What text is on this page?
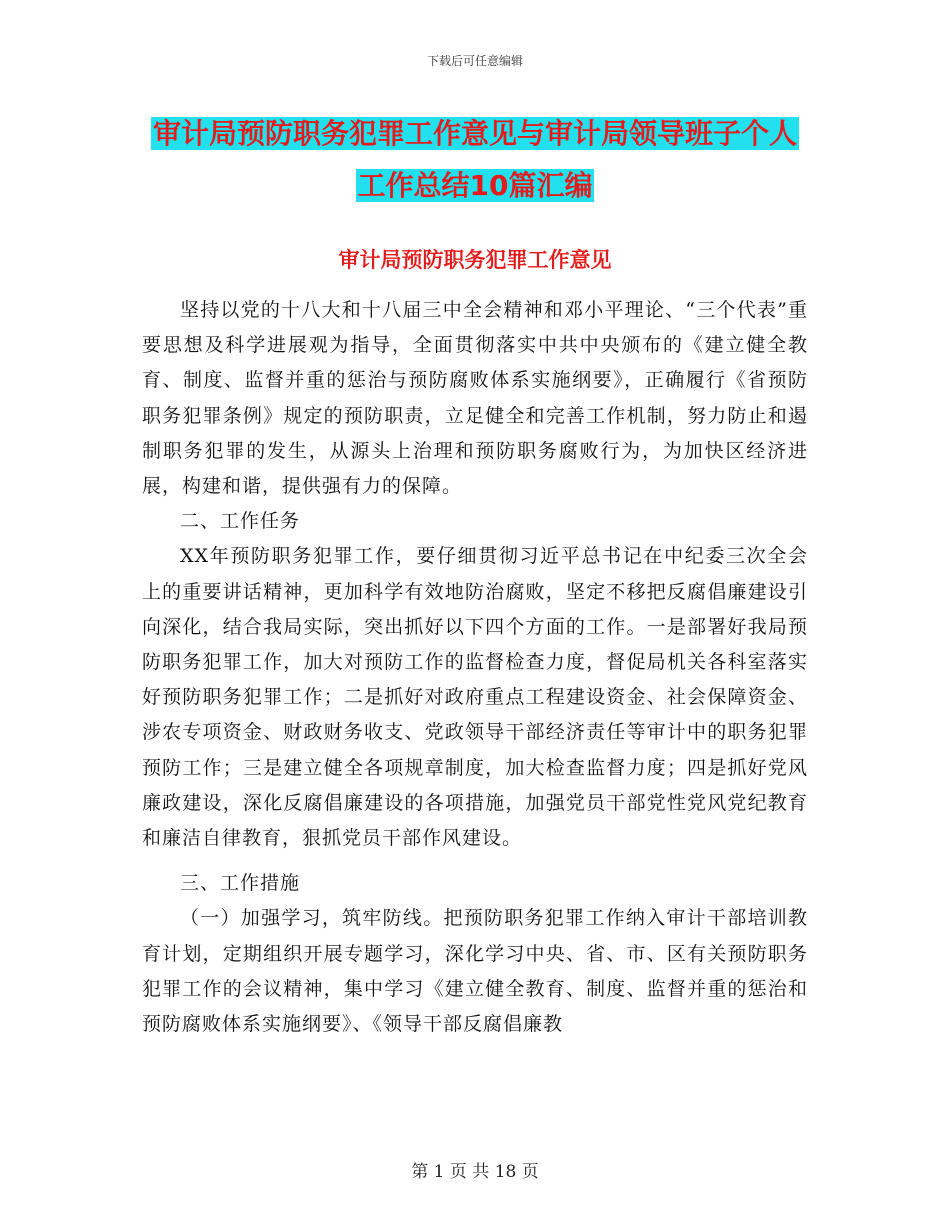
下载后可任意编辑
审计局预防职务犯罪工作意见与审计局领导班子个人
工作总结10篇汇编
审计局预防职务犯罪工作意见

坚持以党的十八大和十八届三中全会精神和邓小平理论、“三个代表”重要思想及科学进展观为指导，全面贯彻落实中共中央颁布的《建立健全教育、制度、监督并重的惩治与预防腐败体系实施纲要》，正确履行《省预防职务犯罪条例》规定的预防职责，立足健全和完善工作机制，努力防止和遏制职务犯罪的发生，从源头上治理和预防职务腐败行为，为加快区经济进展，构建和谐，提供强有力的保障。

二、工作任务

XX年预防职务犯罪工作，要仔细贯彻习近平总书记在中纪委三次全会上的重要讲话精神，更加科学有效地防治腐败，坚定不移把反腐倡廉建设引向深化，结合我局实际，突出抓好以下四个方面的工作。一是部署好我局预防职务犯罪工作，加大对预防工作的监督检查力度，督促局机关各科室落实好预防职务犯罪工作；二是抓好对政府重点工程建设资金、社会保障资金、涉农专项资金、财政财务收支、党政领导干部经济责任等审计中的职务犯罪预防工作；三是建立健全各项规章制度，加大检查监督力度；四是抓好党风廉政建设，深化反腐倡廉建设的各项措施，加强党员干部党性党风党纪教育和廉洁自律教育，狠抓党员干部作风建设。

三、工作措施

（一）加强学习，筑牢防线。把预防职务犯罪工作纳入审计干部培训教育计划，定期组织开展专题学习，深化学习中央、省、市、区有关预防职务犯罪工作的会议精神，集中学习《建立健全教育、制度、监督并重的惩治和预防腐败体系实施纲要》、《领导干部反腐倡廉教

第 1 页 共 18 页
